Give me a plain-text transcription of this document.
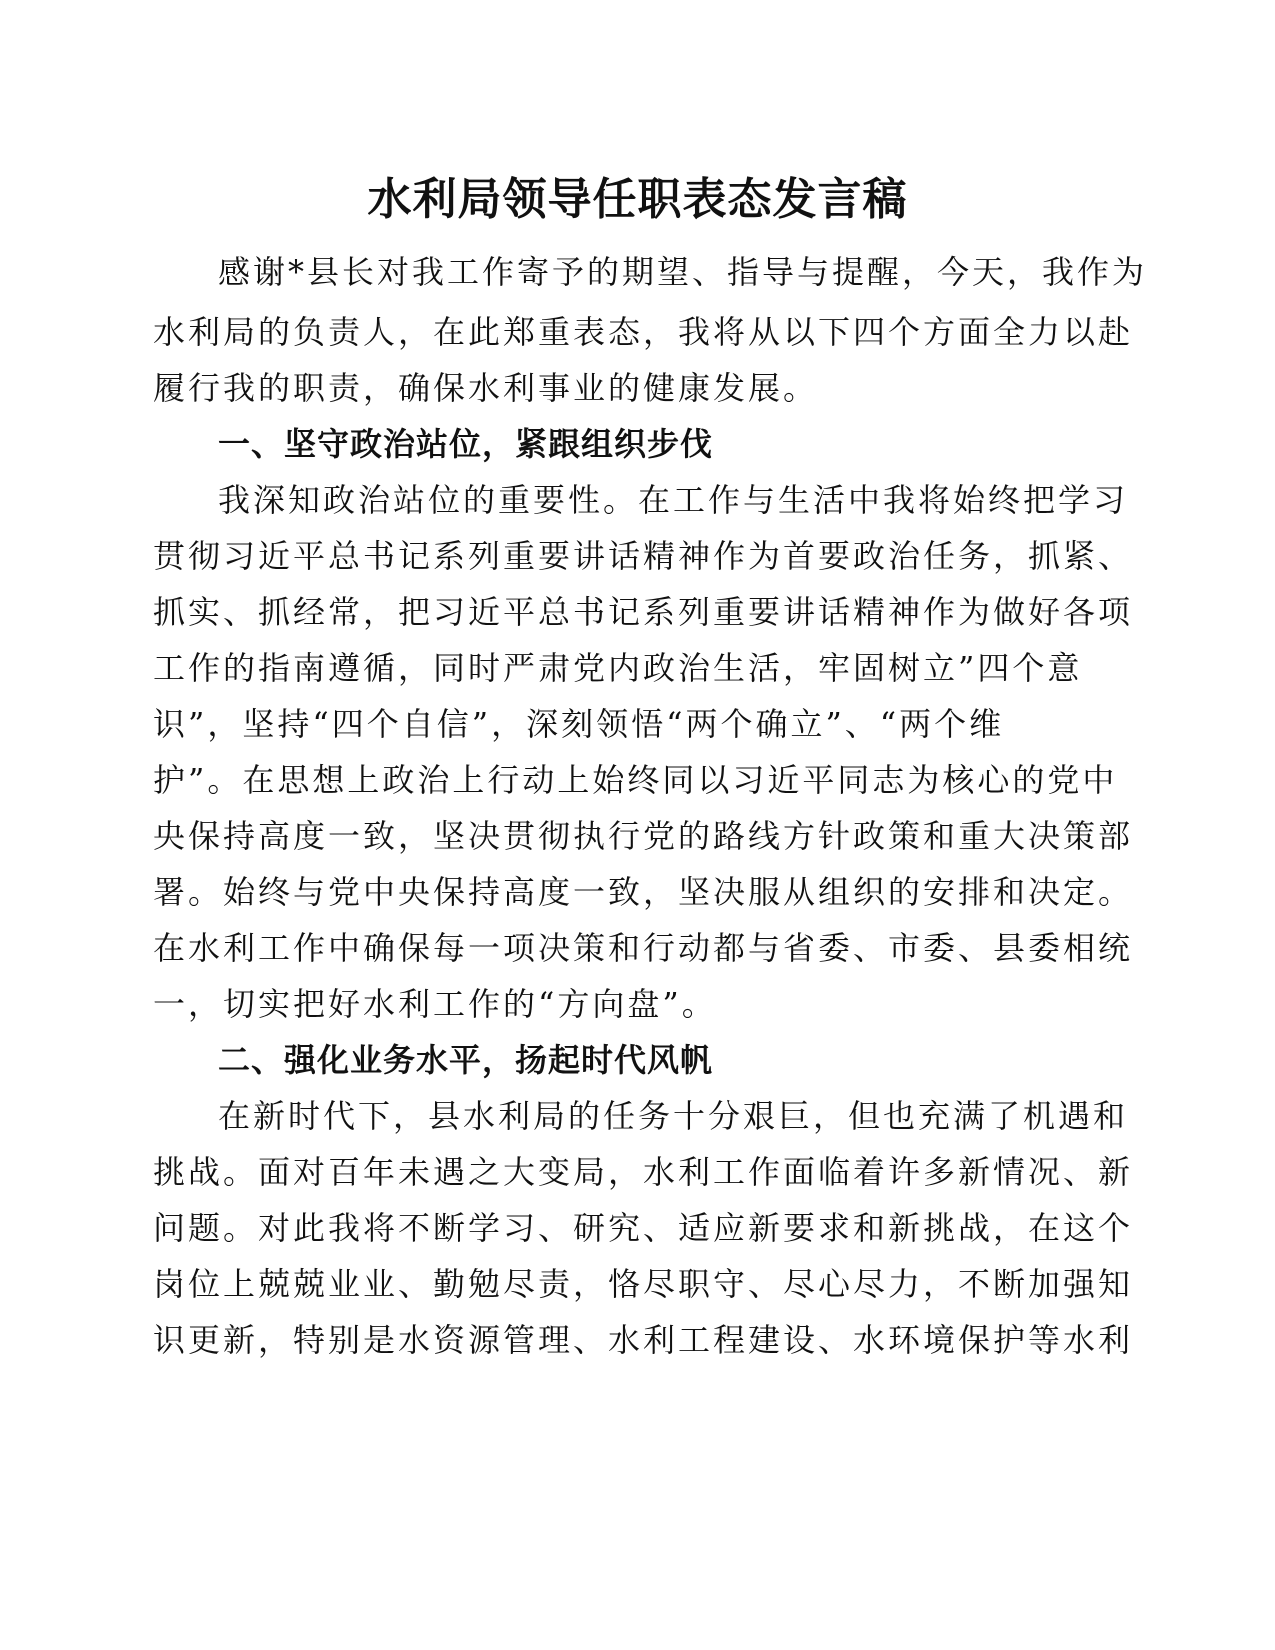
水利局领导任职表态发言稿
感谢*县长对我工作寄予的期望、指导与提醒，今天，我作为
水利局的负责人，在此郑重表态，我将从以下四个方面全力以赴
履行我的职责，确保水利事业的健康发展。
一、坚守政治站位，紧跟组织步伐
我深知政治站位的重要性。在工作与生活中我将始终把学习
贯彻习近平总书记系列重要讲话精神作为首要政治任务，抓紧、
抓实、抓经常，把习近平总书记系列重要讲话精神作为做好各项
工作的指南遵循，同时严肃党内政治生活，牢固树立”四个意
识”，坚持“四个自信”，深刻领悟“两个确立”、“两个维
护”。在思想上政治上行动上始终同以习近平同志为核心的党中
央保持高度一致，坚决贯彻执行党的路线方针政策和重大决策部
署。始终与党中央保持高度一致，坚决服从组织的安排和决定。
在水利工作中确保每一项决策和行动都与省委、市委、县委相统
一，切实把好水利工作的“方向盘”。
二、强化业务水平，扬起时代风帆
在新时代下，县水利局的任务十分艰巨，但也充满了机遇和
挑战。面对百年未遇之大变局，水利工作面临着许多新情况、新
问题。对此我将不断学习、研究、适应新要求和新挑战，在这个
岗位上兢兢业业、勤勉尽责，恪尽职守、尽心尽力，不断加强知
识更新，特别是水资源管理、水利工程建设、水环境保护等水利
